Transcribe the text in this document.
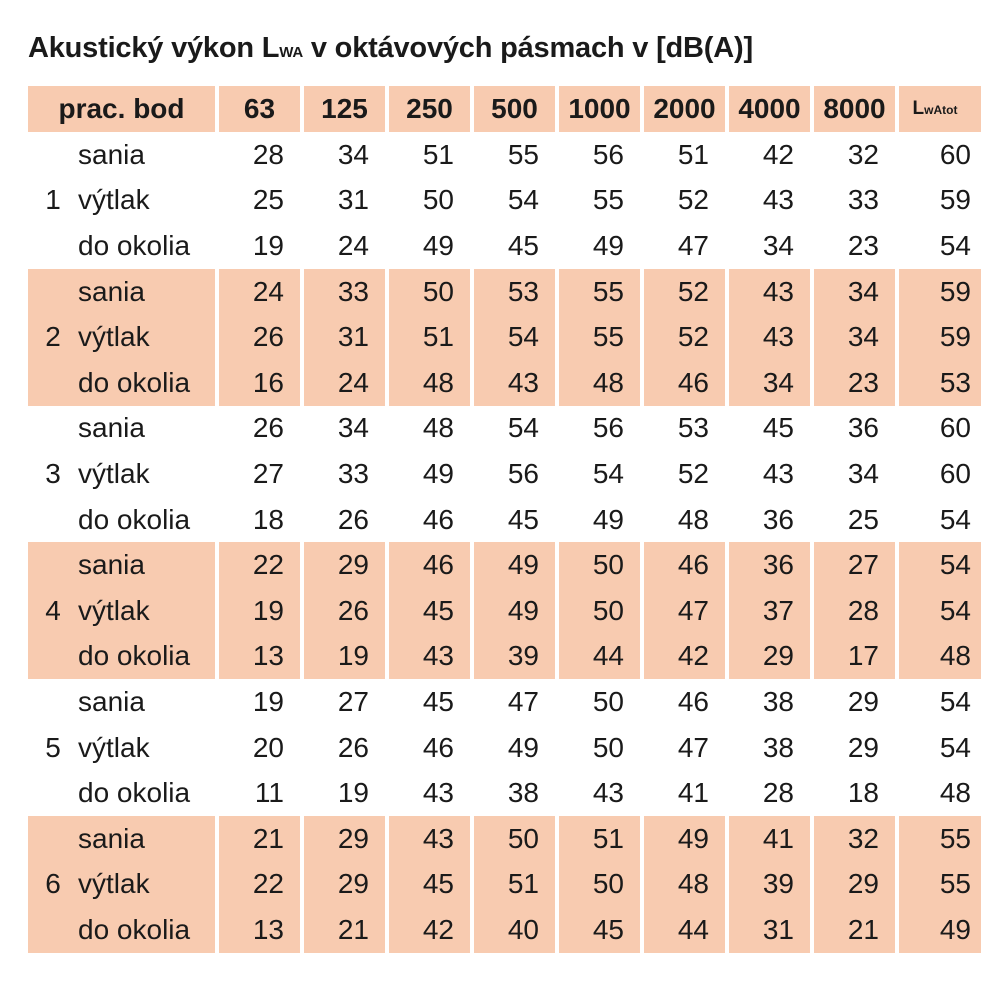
Akustický výkon LWA v oktávových pásmach v [dB(A)]
prac. bod	63	125	250	500	1000	2000	4000	8000	LwAtot
sania	28	34	51	55	56	51	42	32	60
1 výtlak	25	31	50	54	55	52	43	33	59
do okolia	19	24	49	45	49	47	34	23	54
sania	24	33	50	53	55	52	43	34	59
2 výtlak	26	31	51	54	55	52	43	34	59
do okolia	16	24	48	43	48	46	34	23	53
sania	26	34	48	54	56	53	45	36	60
3 výtlak	27	33	49	56	54	52	43	34	60
do okolia	18	26	46	45	49	48	36	25	54
sania	22	29	46	49	50	46	36	27	54
4 výtlak	19	26	45	49	50	47	37	28	54
do okolia	13	19	43	39	44	42	29	17	48
sania	19	27	45	47	50	46	38	29	54
5 výtlak	20	26	46	49	50	47	38	29	54
do okolia	11	19	43	38	43	41	28	18	48
sania	21	29	43	50	51	49	41	32	55
6 výtlak	22	29	45	51	50	48	39	29	55
do okolia	13	21	42	40	45	44	31	21	49
